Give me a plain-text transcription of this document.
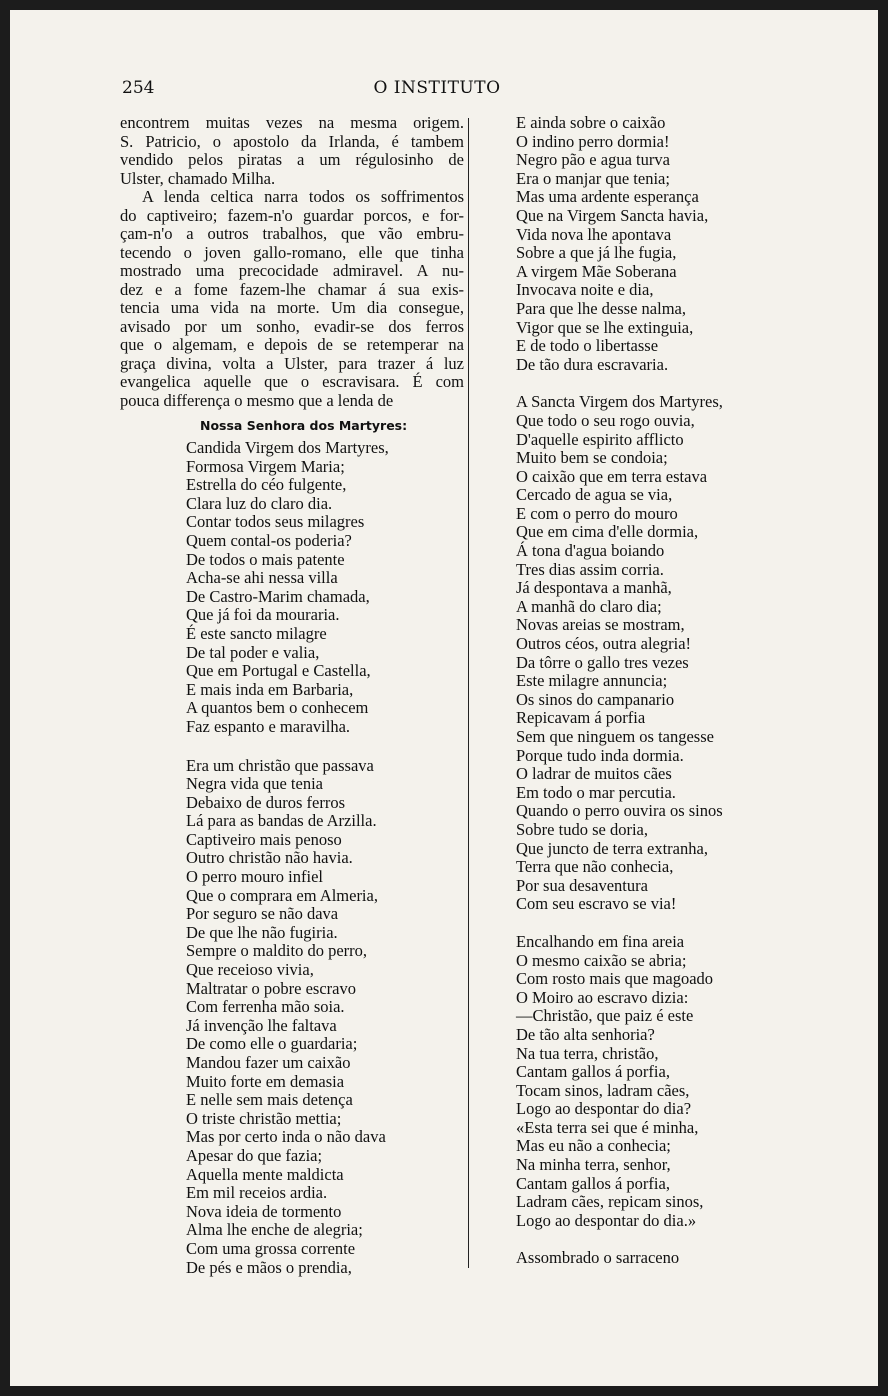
254	O INSTITUTO
encontrem muitas vezes na mesma origem.
S. Patricio, o apostolo da Irlanda, é tambem
vendido pelos piratas a um régulosinho de
Ulster, chamado Milha.
A lenda celtica narra todos os soffrimentos
do captiveiro; fazem-n'o guardar porcos, e for-
çam-n'o a outros trabalhos, que vão embru-
tecendo o joven gallo-romano, elle que tinha
mostrado uma precocidade admiravel. A nu-
dez e a fome fazem-lhe chamar á sua exis-
tencia uma vida na morte. Um dia consegue,
avisado por um sonho, evadir-se dos ferros
que o algemam, e depois de se retemperar na
graça divina, volta a Ulster, para trazer á luz
evangelica aquelle que o escravisara. É com
pouca differença o mesmo que a lenda de
Nossa Senhora dos Martyres:
Candida Virgem dos Martyres,
Formosa Virgem Maria;
Estrella do céo fulgente,
Clara luz do claro dia.
Contar todos seus milagres
Quem contal-os poderia?
De todos o mais patente
Acha-se ahi nessa villa
De Castro-Marim chamada,
Que já foi da mouraria.
É este sancto milagre
De tal poder e valia,
Que em Portugal e Castella,
E mais inda em Barbaria,
A quantos bem o conhecem
Faz espanto e maravilha.
Era um christão que passava
Negra vida que tenia
Debaixo de duros ferros
Lá para as bandas de Arzilla.
Captiveiro mais penoso
Outro christão não havia.
O perro mouro infiel
Que o comprara em Almeria,
Por seguro se não dava
De que lhe não fugiria.
Sempre o maldito do perro,
Que receioso vivia,
Maltratar o pobre escravo
Com ferrenha mão soia.
Já invenção lhe faltava
De como elle o guardaria;
Mandou fazer um caixão
Muito forte em demasia
E nelle sem mais detença
O triste christão mettia;
Mas por certo inda o não dava
Apesar do que fazia;
Aquella mente maldicta
Em mil receios ardia.
Nova ideia de tormento
Alma lhe enche de alegria;
Com uma grossa corrente
De pés e mãos o prendia,
E ainda sobre o caixão
O indino perro dormia!
Negro pão e agua turva
Era o manjar que tenia;
Mas uma ardente esperança
Que na Virgem Sancta havia,
Vida nova lhe apontava
Sobre a que já lhe fugia,
A virgem Mãe Soberana
Invocava noite e dia,
Para que lhe desse nalma,
Vigor que se lhe extinguia,
E de todo o libertasse
De tão dura escravaria.
A Sancta Virgem dos Martyres,
Que todo o seu rogo ouvia,
D'aquelle espirito afflicto
Muito bem se condoia;
O caixão que em terra estava
Cercado de agua se via,
E com o perro do mouro
Que em cima d'elle dormia,
Á tona d'agua boiando
Tres dias assim corria.
Já despontava a manhã,
A manhã do claro dia;
Novas areias se mostram,
Outros céos, outra alegria!
Da tôrre o gallo tres vezes
Este milagre annuncia;
Os sinos do campanario
Repicavam á porfia
Sem que ninguem os tangesse
Porque tudo inda dormia.
O ladrar de muitos cães
Em todo o mar percutia.
Quando o perro ouvira os sinos
Sobre tudo se doria,
Que juncto de terra extranha,
Terra que não conhecia,
Por sua desaventura
Com seu escravo se via!
Encalhando em fina areia
O mesmo caixão se abria;
Com rosto mais que magoado
O Moiro ao escravo dizia:
—Christão, que paiz é este
De tão alta senhoria?
Na tua terra, christão,
Cantam gallos á porfia,
Tocam sinos, ladram cães,
Logo ao despontar do dia?
«Esta terra sei que é minha,
Mas eu não a conhecia;
Na minha terra, senhor,
Cantam gallos á porfia,
Ladram cães, repicam sinos,
Logo ao despontar do dia.»
Assombrado o sarraceno
